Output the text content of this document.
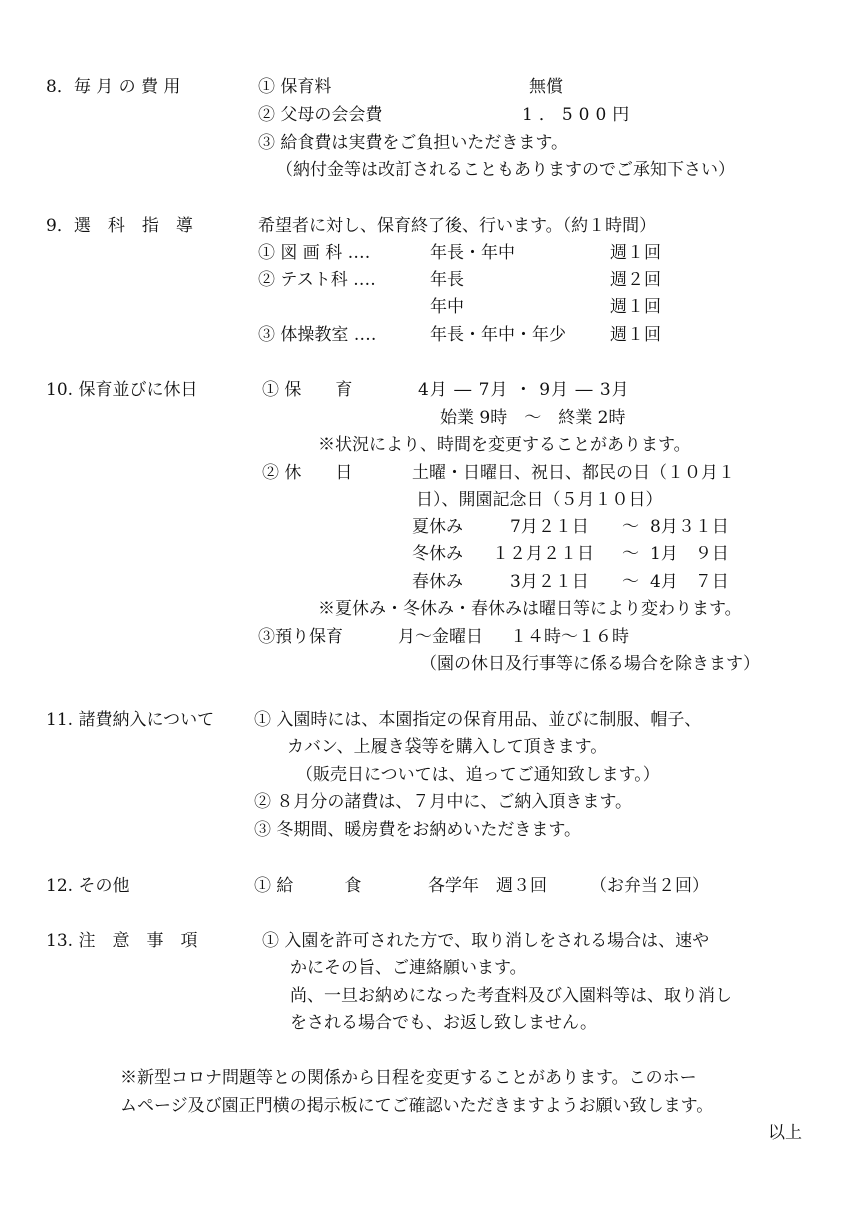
8．毎 月 の 費 用	① 保育料	無償
② 父母の会会費	1．500円
③ 給食費は実費をご負担いただきます。
（納付金等は改訂されることもありますのでご承知下さい）
9．選　科　指　導	希望者に対し、保育終了後、行います。（約１時間）
① 図 画 科 ‥‥	年長・年中	週１回
② テスト科 ‥‥	年長	週２回
年中	週１回
③ 体操教室 ‥‥	年長・年中・年少	週１回
10. 保育並びに休日	① 保　　育	4月 ― 7月 ・ 9月 ― 3月
始業 9時　～　終業 2時
※状況により、時間を変更することがあります。
② 休　　日	土曜・日曜日、祝日、都民の日（１０月１
日）、開園記念日（５月１０日）
夏休み	7月２１日 ～ 8月３１日
冬休み １２月２１日 ～ 1月　９日
春休み	3月２１日 ～ 4月　７日
※夏休み・冬休み・春休みは曜日等により変わります。
③預り保育	月～金曜日 １４時～１６時
（園の休日及行事等に係る場合を除きます）
11. 諸費納入について ① 入園時には、本園指定の保育用品、並びに制服、帽子、
カバン、上履き袋等を購入して頂きます。
（販売日については、追ってご通知致します。）
② ８月分の諸費は、７月中に、ご納入頂きます。
③ 冬期間、暖房費をお納めいただきます。
12. その他	① 給　　　食	各学年　週３回	（お弁当２回）
13. 注　意　事　項	① 入園を許可された方で、取り消しをされる場合は、速や
かにその旨、ご連絡願います。
尚、一旦お納めになった考査料及び入園料等は、取り消し
をされる場合でも、お返し致しません。
※新型コロナ問題等との関係から日程を変更することがあります。このホー
ムページ及び園正門横の掲示板にてご確認いただきますようお願い致します。
以上
